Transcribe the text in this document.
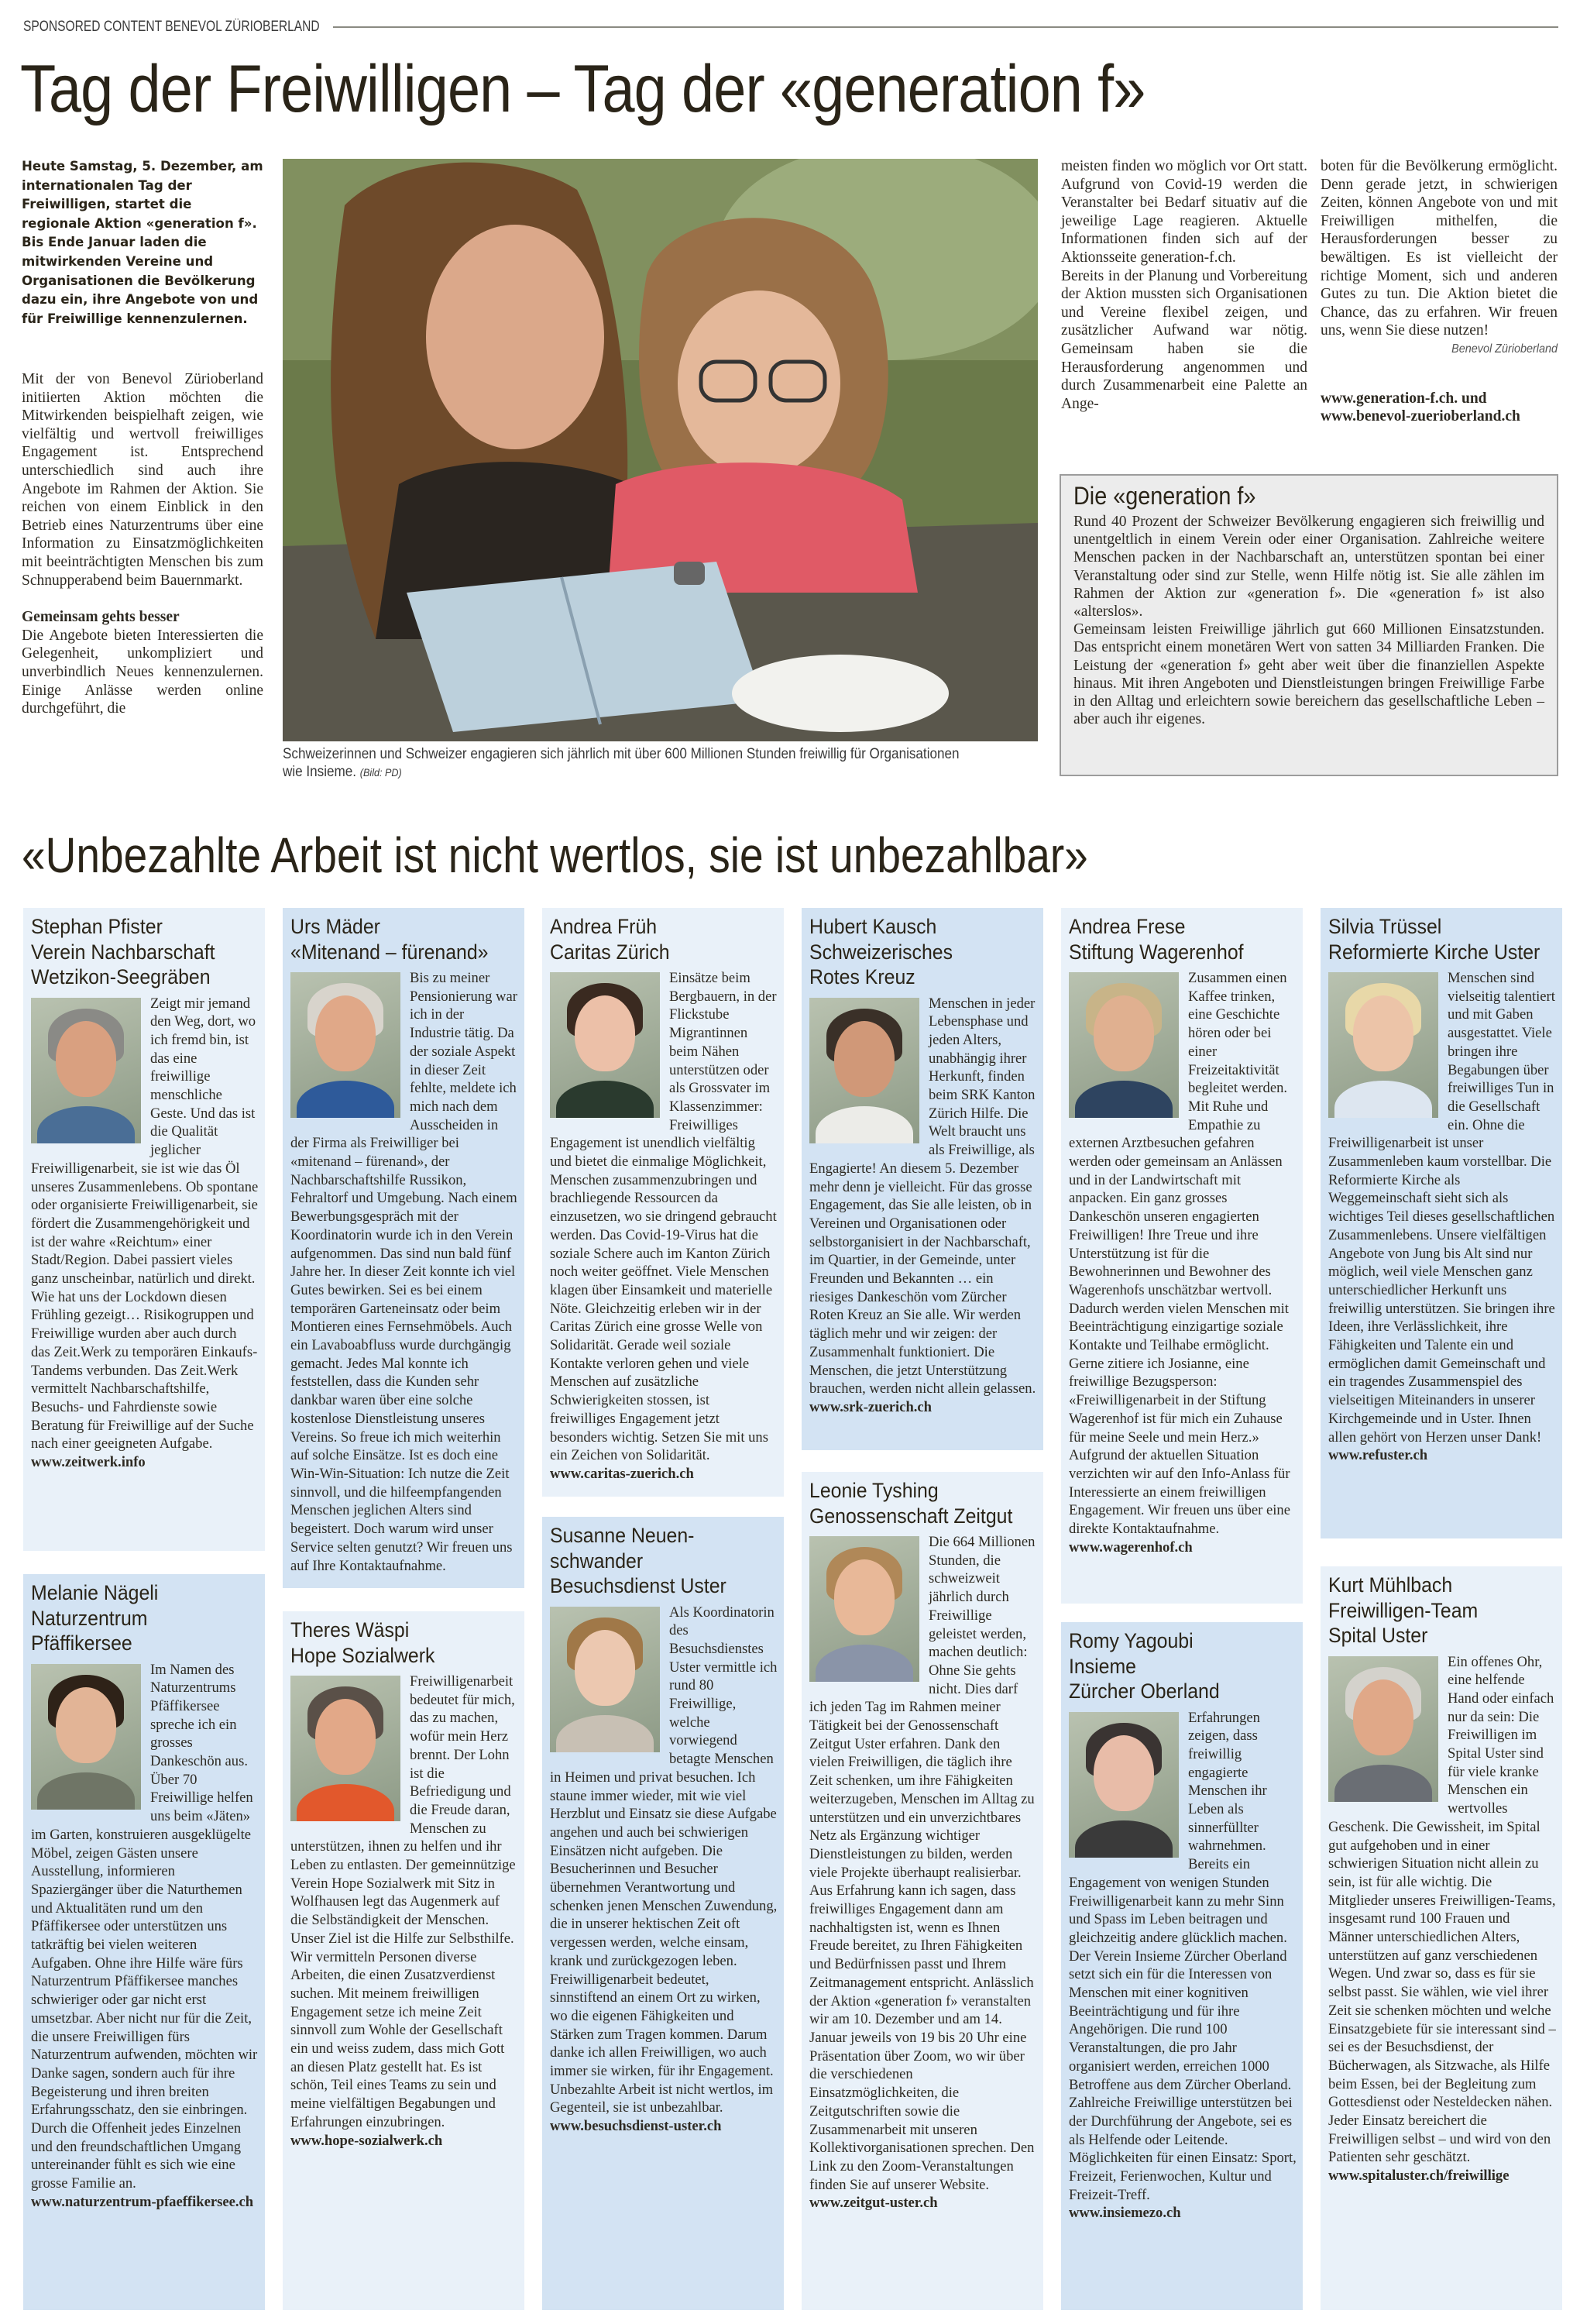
SPONSORED CONTENT BENEVOL ZÜRIOBERLAND
Tag der Freiwilligen – Tag der «generation f»
Heute Samstag, 5. Dezember, am internationalen Tag der Freiwilligen, startet die regionale Aktion «generation f». Bis Ende Januar laden die mitwirkenden Vereine und Organisationen die Bevölkerung dazu ein, ihre Angebote von und für Freiwillige kennenzulernen.

Mit der von Benevol Zürioberland initiierten Aktion möchten die Mitwirkenden beispielhaft zeigen, wie vielfältig und wertvoll freiwilliges Engagement ist. Entsprechend unterschiedlich sind auch ihre Angebote im Rahmen der Aktion. Sie reichen von einem Einblick in den Betrieb eines Naturzentrums über eine Information zu Einsatzmöglichkeiten mit beeinträchtigten Menschen bis zum Schnupperabend beim Bauernmarkt.

Gemeinsam gehts besser

Die Angebote bieten Interessierten die Gelegenheit, unkompliziert und unverbindlich Neues kennenzulernen. Einige Anlässe werden online durchgeführt, die

Schweizerinnen und Schweizer engagieren sich jährlich mit über 600 Millionen Stunden freiwillig für Organisationen wie Insieme. (Bild: PD)

meisten finden wo möglich vor Ort statt. Aufgrund von Covid-19 werden die Veranstalter bei Bedarf situativ auf die jeweilige Lage reagieren. Aktuelle Informationen finden sich auf der Aktionsseite generation-f.ch.

Bereits in der Planung und Vorbereitung der Aktion mussten sich Organisationen und Vereine flexibel zeigen, und zusätzlicher Aufwand war nötig. Gemeinsam haben sie die Herausforderung angenommen und durch Zusammenarbeit eine Palette an Ange-

boten für die Bevölkerung ermöglicht. Denn gerade jetzt, in schwierigen Zeiten, können Angebote von und mit Freiwilligen mithelfen, die Herausforderungen besser zu bewältigen. Es ist vielleicht der richtige Moment, sich und anderen Gutes zu tun. Die Aktion bietet die Chance, das zu erfahren. Wir freuen uns, wenn Sie diese nutzen!

Benevol Zürioberland

www.generation-f.ch. und www.benevol-zuerioberland.ch

Die «generation f»

Rund 40 Prozent der Schweizer Bevölkerung engagieren sich freiwillig und unentgeltlich in einem Verein oder einer Organisation. Zahlreiche weitere Menschen packen in der Nachbarschaft an, unterstützen spontan bei einer Veranstaltung oder sind zur Stelle, wenn Hilfe nötig ist. Sie alle zählen im Rahmen der Aktion zur «generation f». Die «generation f» ist also «alterslos».

Gemeinsam leisten Freiwillige jährlich gut 660 Millionen Einsatzstunden. Das entspricht einem monetären Wert von satten 34 Milliarden Franken. Die Leistung der «generation f» geht aber weit über die finanziellen Aspekte hinaus. Mit ihren Angeboten und Dienstleistungen bringen Freiwillige Farbe in den Alltag und erleichtern sowie bereichern das gesellschaftliche Leben – aber auch ihr eigenes.

«Unbezahlte Arbeit ist nicht wertlos, sie ist unbezahlbar»
Stephan Pfister
Verein Nachbarschaft
Wetzikon-Seegräben

Zeigt mir jemand den Weg, dort, wo ich fremd bin, ist das eine freiwillige menschliche Geste. Und das ist die Qualität jeglicher Freiwilligenarbeit, sie ist wie das Öl unseres Zusammenlebens. Ob spontane oder organisierte Freiwilligenarbeit, sie fördert die Zusammengehörigkeit und ist der wahre «Reichtum» einer Stadt/Region. Dabei passiert vieles ganz unscheinbar, natürlich und direkt. Wie hat uns der Lockdown diesen Frühling gezeigt… Risikogruppen und Freiwillige wurden aber auch durch das Zeit.Werk zu temporären Einkaufs-Tandems verbunden. Das Zeit.Werk vermittelt Nachbarschaftshilfe, Besuchs- und Fahrdienste sowie Beratung für Freiwillige auf der Suche nach einer geeigneten Aufgabe.
www.zeitwerk.info

Melanie Nägeli
Naturzentrum
Pfäffikersee

Im Namen des Naturzentrums Pfäffikersee spreche ich ein grosses Dankeschön aus. Über 70 Freiwillige helfen uns beim «Jäten» im Garten, konstruieren ausgeklügelte Möbel, zeigen Gästen unsere Ausstellung, informieren Spaziergänger über die Naturthemen und Aktualitäten rund um den Pfäffikersee oder unterstützen uns tatkräftig bei vielen weiteren Aufgaben. Ohne ihre Hilfe wäre fürs Naturzentrum Pfäffikersee manches schwieriger oder gar nicht erst umsetzbar. Aber nicht nur für die Zeit, die unsere Freiwilligen fürs Naturzentrum aufwenden, möchten wir Danke sagen, sondern auch für ihre Begeisterung und ihren breiten Erfahrungsschatz, den sie einbringen. Durch die Offenheit jedes Einzelnen und den freundschaftlichen Umgang untereinander fühlt es sich wie eine grosse Familie an.
www.naturzentrum-pfaeffikersee.ch

Urs Mäder
«Mitenand – fürenand»

Bis zu meiner Pensionierung war ich in der Industrie tätig. Da der soziale Aspekt in dieser Zeit fehlte, meldete ich mich nach dem Ausscheiden in der Firma als Freiwilliger bei «mitenand – fürenand», der Nachbarschaftshilfe Russikon, Fehraltorf und Umgebung. Nach einem Bewerbungsgespräch mit der Koordinatorin wurde ich in den Verein aufgenommen. Das sind nun bald fünf Jahre her. In dieser Zeit konnte ich viel Gutes bewirken. Sei es bei einem temporären Garteneinsatz oder beim Montieren eines Fernsehmöbels. Auch ein Lavaboabfluss wurde durchgängig gemacht. Jedes Mal konnte ich feststellen, dass die Kunden sehr dankbar waren über eine solche kostenlose Dienstleistung unseres Vereins. So freue ich mich weiterhin auf solche Einsätze. Ist es doch eine Win-Win-Situation: Ich nutze die Zeit sinnvoll, und die hilfeempfangenden Menschen jeglichen Alters sind begeistert. Doch warum wird unser Service selten genutzt? Wir freuen uns auf Ihre Kontaktaufnahme.

Theres Wäspi
Hope Sozialwerk

Freiwilligenarbeit bedeutet für mich, das zu machen, wofür mein Herz brennt. Der Lohn ist die Befriedigung und die Freude daran, Menschen zu unterstützen, ihnen zu helfen und ihr Leben zu entlasten. Der gemeinnützige Verein Hope Sozialwerk mit Sitz in Wolfhausen legt das Augenmerk auf die Selbständigkeit der Menschen. Unser Ziel ist die Hilfe zur Selbsthilfe. Wir vermitteln Personen diverse Arbeiten, die einen Zusatzverdienst suchen. Mit meinem freiwilligen Engagement setze ich meine Zeit sinnvoll zum Wohle der Gesellschaft ein und weiss zudem, dass mich Gott an diesen Platz gestellt hat. Es ist schön, Teil eines Teams zu sein und meine vielfältigen Begabungen und Erfahrungen einzubringen.
www.hope-sozialwerk.ch

Andrea Früh
Caritas Zürich

Einsätze beim Bergbauern, in der Flickstube Migrantinnen beim Nähen unterstützen oder als Grossvater im Klassenzimmer: Freiwilliges Engagement ist unendlich vielfältig und bietet die einmalige Möglichkeit, Menschen zusammenzubringen und brachliegende Ressourcen da einzusetzen, wo sie dringend gebraucht werden. Das Covid-19-Virus hat die soziale Schere auch im Kanton Zürich noch weiter geöffnet. Viele Menschen klagen über Einsamkeit und materielle Nöte. Gleichzeitig erleben wir in der Caritas Zürich eine grosse Welle von Solidarität. Gerade weil soziale Kontakte verloren gehen und viele Menschen auf zusätzliche Schwierigkeiten stossen, ist freiwilliges Engagement jetzt besonders wichtig. Setzen Sie mit uns ein Zeichen von Solidarität.
www.caritas-zuerich.ch

Susanne Neuen-
schwander
Besuchsdienst Uster

Als Koordinatorin des Besuchsdienstes Uster vermittle ich rund 80 Freiwillige, welche vorwiegend betagte Menschen in Heimen und privat besuchen. Ich staune immer wieder, mit wie viel Herzblut und Einsatz sie diese Aufgabe angehen und auch bei schwierigen Einsätzen nicht aufgeben. Die Besucherinnen und Besucher übernehmen Verantwortung und schenken jenen Menschen Zuwendung, die in unserer hektischen Zeit oft vergessen werden, welche einsam, krank und zurückgezogen leben. Freiwilligenarbeit bedeutet, sinnstiftend an einem Ort zu wirken, wo die eigenen Fähigkeiten und Stärken zum Tragen kommen. Darum danke ich allen Freiwilligen, wo auch immer sie wirken, für ihr Engagement. Unbezahlte Arbeit ist nicht wertlos, im Gegenteil, sie ist unbezahlbar.
www.besuchsdienst-uster.ch

Hubert Kausch
Schweizerisches
Rotes Kreuz

Menschen in jeder Lebensphase und jeden Alters, unabhängig ihrer Herkunft, finden beim SRK Kanton Zürich Hilfe. Die Welt braucht uns als Freiwillige, als Engagierte! An diesem 5. Dezember mehr denn je vielleicht. Für das grosse Engagement, das Sie alle leisten, ob in Vereinen und Organisationen oder selbstorganisiert in der Nachbarschaft, im Quartier, in der Gemeinde, unter Freunden und Bekannten … ein riesiges Dankeschön vom Zürcher Roten Kreuz an Sie alle. Wir werden täglich mehr und wir zeigen: der Zusammenhalt funktioniert. Die Menschen, die jetzt Unterstützung brauchen, werden nicht allein gelassen.
www.srk-zuerich.ch

Leonie Tyshing
Genossenschaft Zeitgut

Die 664 Millionen Stunden, die schweizweit jährlich durch Freiwillige geleistet werden, machen deutlich: Ohne Sie gehts nicht. Dies darf ich jeden Tag im Rahmen meiner Tätigkeit bei der Genossenschaft Zeitgut Uster erfahren. Dank den vielen Freiwilligen, die täglich ihre Zeit schenken, um ihre Fähigkeiten weiterzugeben, Menschen im Alltag zu unterstützen und ein unverzichtbares Netz als Ergänzung wichtiger Dienstleistungen zu bilden, werden viele Projekte überhaupt realisierbar. Aus Erfahrung kann ich sagen, dass freiwilliges Engagement dann am nachhaltigsten ist, wenn es Ihnen Freude bereitet, zu Ihren Fähigkeiten und Bedürfnissen passt und Ihrem Zeitmanagement entspricht. Anlässlich der Aktion «generation f» veranstalten wir am 10. Dezember und am 14. Januar jeweils von 19 bis 20 Uhr eine Präsentation über Zoom, wo wir über die verschiedenen Einsatzmöglichkeiten, die Zeitgutschriften sowie die Zusammenarbeit mit unseren Kollektivorganisationen sprechen. Den Link zu den Zoom-Veranstaltungen finden Sie auf unserer Website.
www.zeitgut-uster.ch

Andrea Frese
Stiftung Wagerenhof

Zusammen einen Kaffee trinken, eine Geschichte hören oder bei einer Freizeitaktivität begleitet werden. Mit Ruhe und Empathie zu externen Arztbesuchen gefahren werden oder gemeinsam an Anlässen und in der Landwirtschaft mit anpacken. Ein ganz grosses Dankeschön unseren engagierten Freiwilligen! Ihre Treue und ihre Unterstützung ist für die Bewohnerinnen und Bewohner des Wagerenhofs unschätzbar wertvoll. Dadurch werden vielen Menschen mit Beeinträchtigung einzigartige soziale Kontakte und Teilhabe ermöglicht. Gerne zitiere ich Josianne, eine freiwillige Bezugsperson: «Freiwilligenarbeit in der Stiftung Wagerenhof ist für mich ein Zuhause für meine Seele und mein Herz.» Aufgrund der aktuellen Situation verzichten wir auf den Info-Anlass für Interessierte an einem freiwilligen Engagement. Wir freuen uns über eine direkte Kontaktaufnahme.
www.wagerenhof.ch

Romy Yagoubi
Insieme
Zürcher Oberland

Erfahrungen zeigen, dass freiwillig engagierte Menschen ihr Leben als sinnerfüllter wahrnehmen. Bereits ein Engagement von wenigen Stunden Freiwilligenarbeit kann zu mehr Sinn und Spass im Leben beitragen und gleichzeitig andere glücklich machen. Der Verein Insieme Zürcher Oberland setzt sich ein für die Interessen von Menschen mit einer kognitiven Beeinträchtigung und für ihre Angehörigen. Die rund 100 Veranstaltungen, die pro Jahr organisiert werden, erreichen 1000 Betroffene aus dem Zürcher Oberland. Zahlreiche Freiwillige unterstützen bei der Durchführung der Angebote, sei es als Helfende oder Leitende. Möglichkeiten für einen Einsatz: Sport, Freizeit, Ferienwochen, Kultur und Freizeit-Treff.
www.insiemezo.ch

Silvia Trüssel
Reformierte Kirche Uster

Menschen sind vielseitig talentiert und mit Gaben ausgestattet. Viele bringen ihre Begabungen über freiwilliges Tun in die Gesellschaft ein. Ohne die Freiwilligenarbeit ist unser Zusammenleben kaum vorstellbar. Die Reformierte Kirche als Weggemeinschaft sieht sich als wichtiges Teil dieses gesellschaftlichen Zusammenlebens. Unsere vielfältigen Angebote von Jung bis Alt sind nur möglich, weil viele Menschen ganz unterschiedlicher Herkunft uns freiwillig unterstützen. Sie bringen ihre Ideen, ihre Verlässlichkeit, ihre Fähigkeiten und Talente ein und ermöglichen damit Gemeinschaft und ein tragendes Zusammenspiel des vielseitigen Miteinanders in unserer Kirchgemeinde und in Uster. Ihnen allen gehört von Herzen unser Dank!
www.refuster.ch

Kurt Mühlbach
Freiwilligen-Team
Spital Uster

Ein offenes Ohr, eine helfende Hand oder einfach nur da sein: Die Freiwilligen im Spital Uster sind für viele kranke Menschen ein wertvolles Geschenk. Die Gewissheit, im Spital gut aufgehoben und in einer schwierigen Situation nicht allein zu sein, ist für alle wichtig. Die Mitglieder unseres Freiwilligen-Teams, insgesamt rund 100 Frauen und Männer unterschiedlichen Alters, unterstützen auf ganz verschiedenen Wegen. Und zwar so, dass es für sie selbst passt. Sie wählen, wie viel ihrer Zeit sie schenken möchten und welche Einsatzgebiete für sie interessant sind – sei es der Besuchsdienst, der Bücherwagen, als Sitzwache, als Hilfe beim Essen, bei der Begleitung zum Gottesdienst oder Nesteldecken nähen. Jeder Einsatz bereichert die Freiwilligen selbst – und wird von den Patienten sehr geschätzt.
www.spitaluster.ch/freiwillige
